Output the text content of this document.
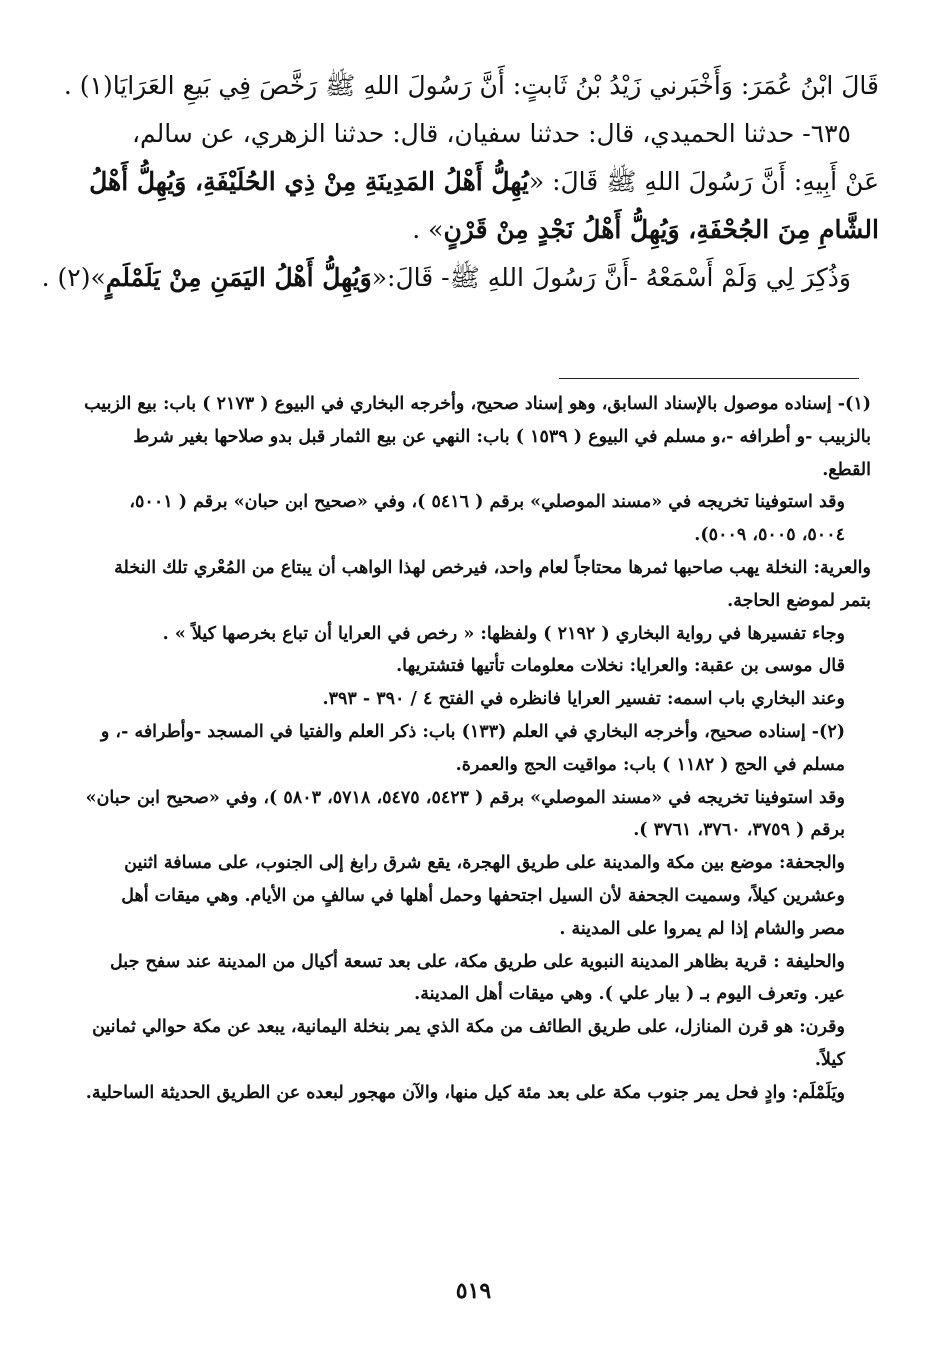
قَالَ ابْنُ عُمَرَ: وَأَخْبَرني زَيْدُ بْنُ ثَابتٍ: أَنَّ رَسُولَ اللهِ ﷺ رَخَّصَ فِي بَيعِ العَرَايَا(١) .

٦٣٥- حدثنا الحميدي، قال: حدثنا سفيان، قال: حدثنا الزهري، عن سالم،

عَنْ أَبِيهِ: أَنَّ رَسُولَ اللهِ ﷺ قَالَ: «يُهِلُّ أَهْلُ المَدِينَةِ مِنْ ذِي الحُلَيْفَةِ، وَيُهِلُّ أَهْلُ

الشَّامِ مِنَ الجُحْفَةِ، وَيُهِلُّ أَهْلُ نَجْدٍ مِنْ قَرْنٍ» .

وَذُكِرَ لِي وَلَمْ أَسْمَعْهُ -أَنَّ رَسُولَ اللهِ ﷺ- قَالَ:«وَيُهِلُّ أَهْلُ اليَمَنِ مِنْ يَلَمْلَمٍ»(٢) .

(١)- إسناده موصول بالإسناد السابق، وهو إسناد صحيح، وأخرجه البخاري في البيوع ( ٢١٧٣ ) باب: بيع الزبيب بالزبيب -و أطرافه -،و مسلم في البيوع ( ١٥٣٩ ) باب: النهي عن بيع الثمار قبل بدو صلاحها بغير شرط القطع.

وقد استوفينا تخريجه في «مسند الموصلي» برقم ( ٥٤١٦ )، وفي «صحيح ابن حبان» برقم ( ٥٠٠١، ٥٠٠٤، ٥٠٠٥، ٥٠٠٩).

والعرية: النخلة يهب صاحبها ثمرها محتاجاً لعام واحد، فيرخص لهذا الواهب أن يبتاع من المُعْري تلك النخلة بتمر لموضع الحاجة.

وجاء تفسيرها في رواية البخاري ( ٢١٩٢ ) ولفظها: « رخص في العرايا أن تباع بخرصها كيلاً » .

قال موسى بن عقبة: والعرايا: نخلات معلومات تأتيها فتشتريها.

وعند البخاري باب اسمه: تفسير العرايا فانظره في الفتح ٤ / ٣٩٠ - ٣٩٣.

(٢)- إسناده صحيح، وأخرجه البخاري في العلم (١٣٣) باب: ذكر العلم والفتيا في المسجد -وأطرافه -، و مسلم في الحج ( ١١٨٢ ) باب: مواقيت الحج والعمرة.

وقد استوفينا تخريجه في «مسند الموصلي» برقم ( ٥٤٢٣، ٥٤٧٥، ٥٧١٨، ٥٨٠٣ )، وفي «صحيح ابن حبان» برقم ( ٣٧٥٩، ٣٧٦٠، ٣٧٦١ ).

والجحفة: موضع بين مكة والمدينة على طريق الهجرة، يقع شرق رابغ إلى الجنوب، على مسافة اثنين وعشرين كيلاً، وسميت الجحفة لأن السيل اجتحفها وحمل أهلها في سالفٍ من الأيام. وهي ميقات أهل مصر والشام إذا لم يمروا على المدينة .

والحليفة : قرية بظاهر المدينة النبوية على طريق مكة، على بعد تسعة أكيال من المدينة عند سفح جبل عير. وتعرف اليوم بـ ( بيار علي ). وهي ميقات أهل المدينة.

وقرن: هو قرن المنازل، على طريق الطائف من مكة الذي يمر بنخلة اليمانية، يبعد عن مكة حوالي ثمانين كيلاً.

ويَلَمْلَم: وادٍ فحل يمر جنوب مكة على بعد مئة كيل منها، والآن مهجور لبعده عن الطريق الحديثة الساحلية.

٥١٩
